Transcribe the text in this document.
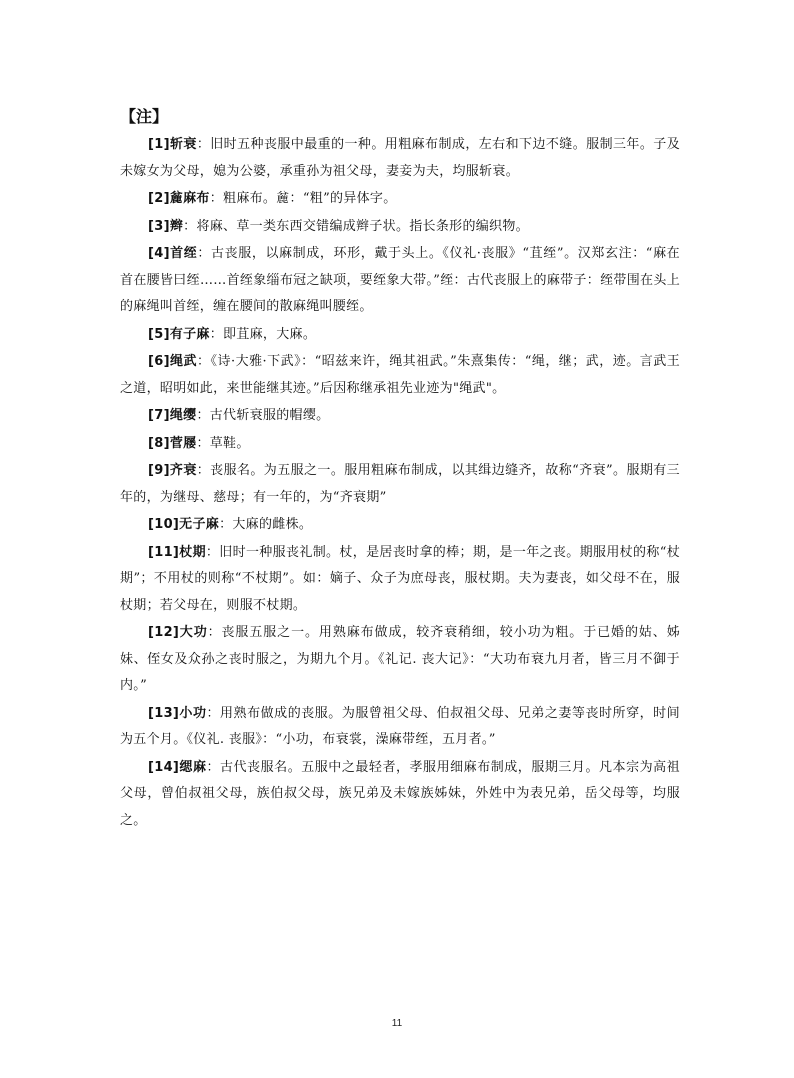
【注】

[1]斩衰：旧时五种丧服中最重的一种。用粗麻布制成，左右和下边不缝。服制三年。子及未嫁女为父母，媳为公婆，承重孙为祖父母，妻妾为夫，均服斩衰。

[2]麄麻布：粗麻布。麄：“粗”的异体字。

[3]辫：将麻、草一类东西交错编成辫子状。指长条形的编织物。

[4]首绖：古丧服，以麻制成，环形，戴于头上。《仪礼·丧服》“苴绖”。汉郑玄注：“麻在首在腰皆曰绖……首绖象缁布冠之缺项，要绖象大带。”绖：古代丧服上的麻带子：绖带围在头上的麻绳叫首绖，缠在腰间的散麻绳叫腰绖。

[5]有子麻：即苴麻，大麻。

[6]绳武：《诗·大雅·下武》：“昭兹来许，绳其祖武。”朱熹集传：“绳，继；武，迹。言武王之道，昭明如此，来世能继其迹。”后因称继承祖先业迹为"绳武"。

[7]绳缨：古代斩衰服的帽缨。

[8]菅屦：草鞋。

[9]齐衰：丧服名。为五服之一。服用粗麻布制成，以其缉边缝齐，故称“齐衰”。服期有三年的，为继母、慈母；有一年的，为“齐衰期”

[10]无子麻：大麻的雌株。

[11]杖期：旧时一种服丧礼制。杖，是居丧时拿的棒；期，是一年之丧。期服用杖的称“杖期”；不用杖的则称“不杖期”。如：嫡子、众子为庶母丧，服杖期。夫为妻丧，如父母不在，服杖期；若父母在，则服不杖期。

[12]大功：丧服五服之一。用熟麻布做成，较齐衰稍细，较小功为粗。于已婚的姑、姊妹、侄女及众孙之丧时服之，为期九个月。《礼记. 丧大记》：“大功布衰九月者，皆三月不御于内。”

[13]小功：用熟布做成的丧服。为服曾祖父母、伯叔祖父母、兄弟之妻等丧时所穿，时间为五个月。《仪礼. 丧服》：“小功，布衰裳，澡麻带绖，五月者。”

[14]缌麻：古代丧服名。五服中之最轻者，孝服用细麻布制成，服期三月。凡本宗为高祖父母，曾伯叔祖父母，族伯叔父母，族兄弟及未嫁族姊妹，外姓中为表兄弟，岳父母等，均服之。

11
